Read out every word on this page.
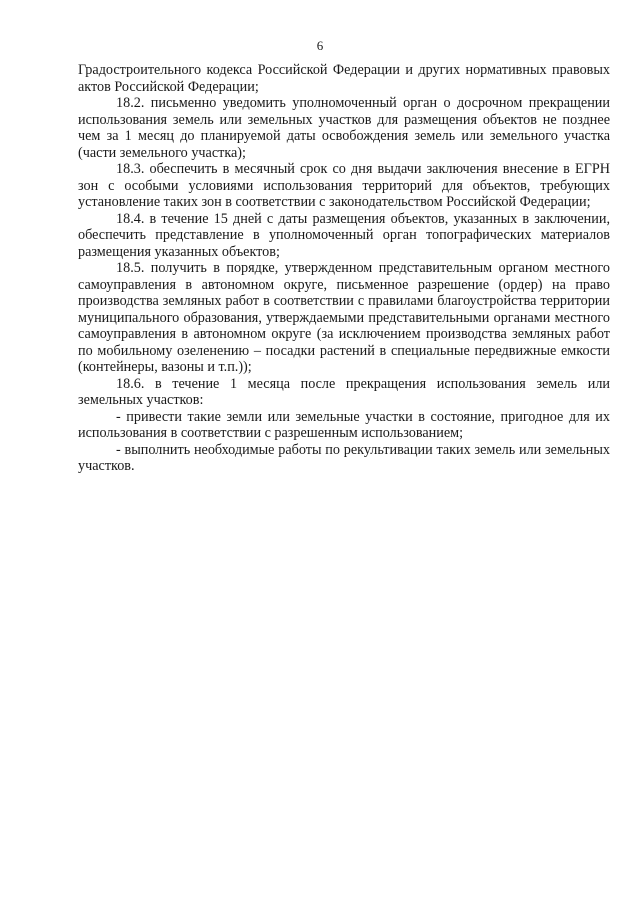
6

Градостроительного кодекса Российской Федерации и других нормативных правовых актов Российской Федерации;

18.2. письменно уведомить уполномоченный орган о досрочном прекращении использования земель или земельных участков для размещения объектов не позднее чем за 1 месяц до планируемой даты освобождения земель или земельного участка (части земельного участка);

18.3. обеспечить в месячный срок со дня выдачи заключения внесение в ЕГРН зон с особыми условиями использования территорий для объектов, требующих установление таких зон в соответствии с законодательством Российской Федерации;

18.4. в течение 15 дней с даты размещения объектов, указанных в заключении, обеспечить представление в уполномоченный орган топографических материалов размещения указанных объектов;

18.5. получить в порядке, утвержденном представительным органом местного самоуправления в автономном округе, письменное разрешение (ордер) на право производства земляных работ в соответствии с правилами благоустройства территории муниципального образования, утверждаемыми представительными органами местного самоуправления в автономном округе (за исключением производства земляных работ по мобильному озеленению – посадки растений в специальные передвижные емкости (контейнеры, вазоны и т.п.));

18.6. в течение 1 месяца после прекращения использования земель или земельных участков:

- привести такие земли или земельные участки в состояние, пригодное для их использования в соответствии с разрешенным использованием;

- выполнить необходимые работы по рекультивации таких земель или земельных участков.
